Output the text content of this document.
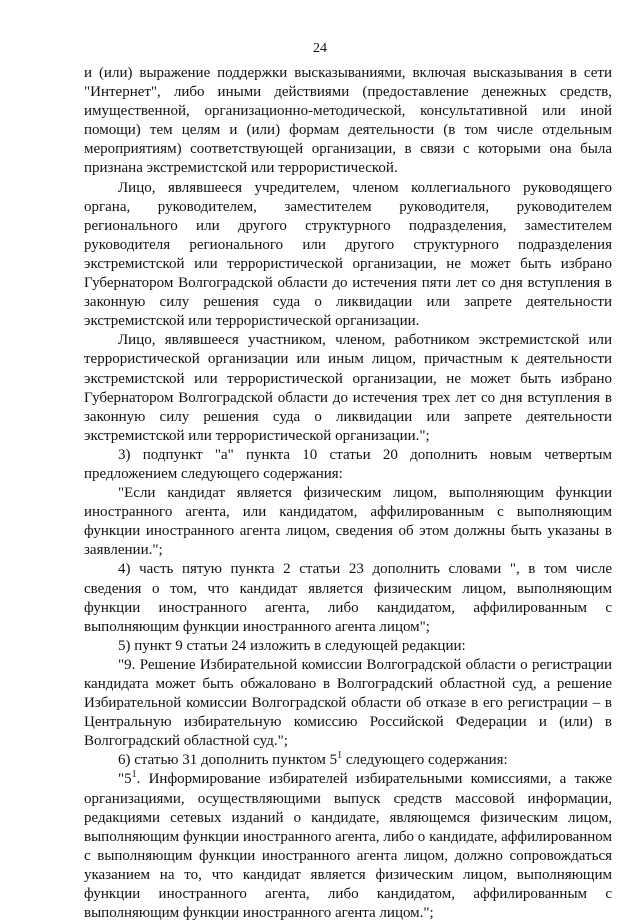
24

и (или) выражение поддержки высказываниями, включая высказывания в сети "Интернет", либо иными действиями (предоставление денежных средств, имущественной, организационно-методической, консультативной или иной помощи) тем целям и (или) формам деятельности (в том числе отдельным мероприятиям) соответствующей организации, в связи с которыми она была признана экстремистской или террористической.

Лицо, являвшееся учредителем, членом коллегиального руководящего органа, руководителем, заместителем руководителя, руководителем регионального или другого структурного подразделения, заместителем руководителя регионального или другого структурного подразделения экстремистской или террористической организации, не может быть избрано Губернатором Волгоградской области до истечения пяти лет со дня вступления в законную силу решения суда о ликвидации или запрете деятельности экстремистской или террористической организации.

Лицо, являвшееся участником, членом, работником экстремистской или террористической организации или иным лицом, причастным к деятельности экстремистской или террористической организации, не может быть избрано Губернатором Волгоградской области до истечения трех лет со дня вступления в законную силу решения суда о ликвидации или запрете деятельности экстремистской или террористической организации.";

3) подпункт "а" пункта 10 статьи 20 дополнить новым четвертым предложением следующего содержания:

"Если кандидат является физическим лицом, выполняющим функции иностранного агента, или кандидатом, аффилированным с выполняющим функции иностранного агента лицом, сведения об этом должны быть указаны в заявлении.";

4) часть пятую пункта 2 статьи 23 дополнить словами ", в том числе сведения о том, что кандидат является физическим лицом, выполняющим функции иностранного агента, либо кандидатом, аффилированным с выполняющим функции иностранного агента лицом";

5) пункт 9 статьи 24 изложить в следующей редакции:

"9. Решение Избирательной комиссии Волгоградской области о регистрации кандидата может быть обжаловано в Волгоградский областной суд, а решение Избирательной комиссии Волгоградской области об отказе в его регистрации – в Центральную избирательную комиссию Российской Федерации и (или) в Волгоградский областной суд.";

6) статью 31 дополнить пунктом $5^1$ следующего содержания:

"$5^1$. Информирование избирателей избирательными комиссиями, а также организациями, осуществляющими выпуск средств массовой информации, редакциями сетевых изданий о кандидате, являющемся физическим лицом, выполняющим функции иностранного агента, либо о кандидате, аффилированном с выполняющим функции иностранного агента лицом, должно сопровождаться указанием на то, что кандидат является физическим лицом, выполняющим функции иностранного агента, либо кандидатом, аффилированным с выполняющим функции иностранного агента лицом.";
